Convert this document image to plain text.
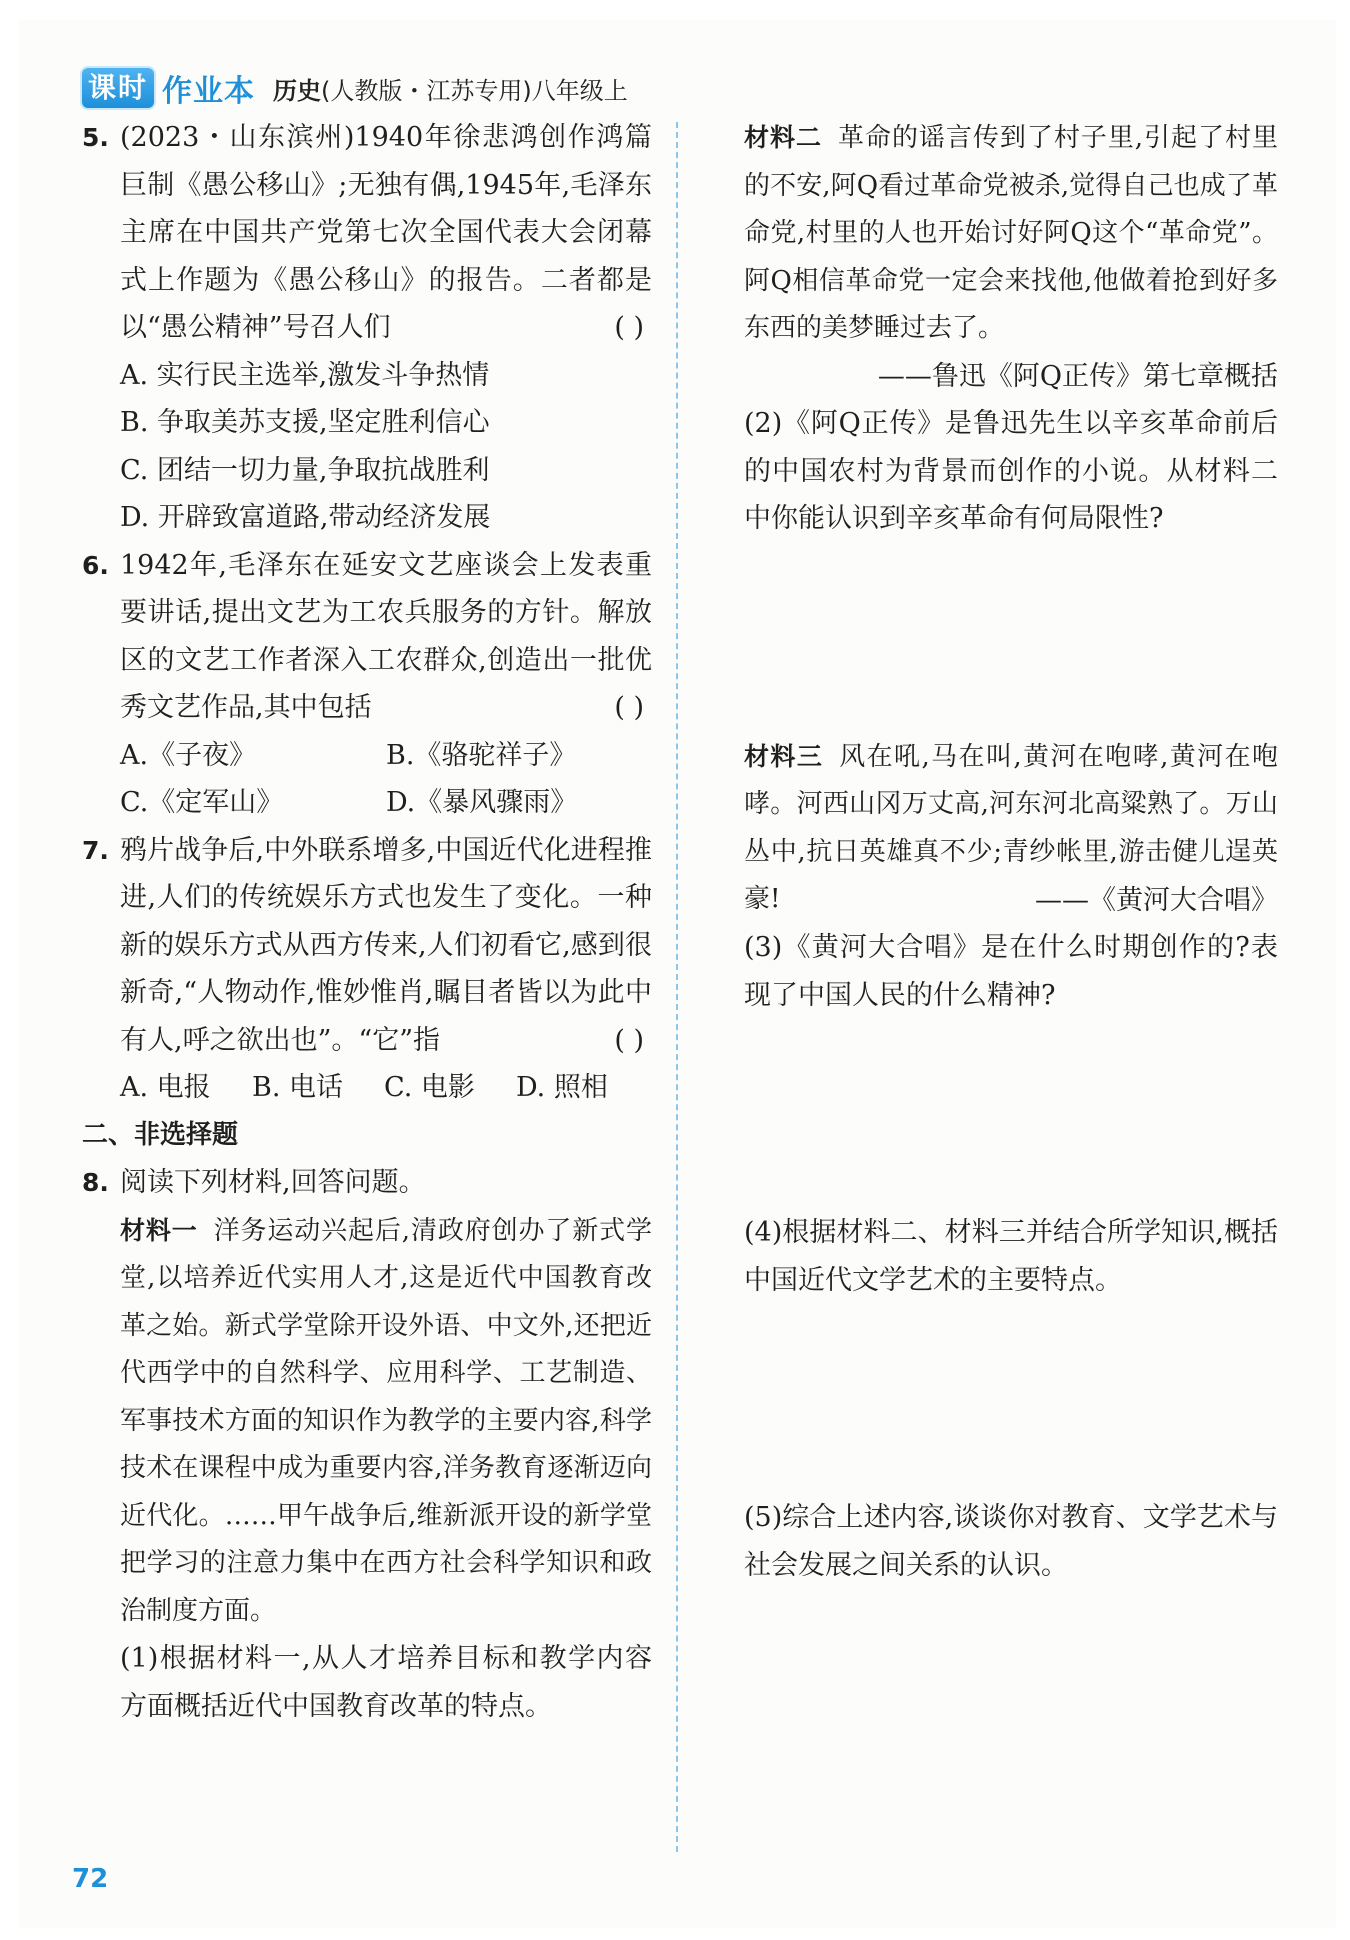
课时 作业本 历史(人教版・江苏专用)八年级上
5. (2023・山东滨州)1940年徐悲鸿创作鸿篇巨制《愚公移山》;无独有偶,1945年,毛泽东主席在中国共产党第七次全国代表大会闭幕式上作题为《愚公移山》的报告。二者都是以“愚公精神”号召人们	( )
A. 实行民主选举,激发斗争热情
B. 争取美苏支援,坚定胜利信心
C. 团结一切力量,争取抗战胜利
D. 开辟致富道路,带动经济发展
6. 1942年,毛泽东在延安文艺座谈会上发表重要讲话,提出文艺为工农兵服务的方针。解放区的文艺工作者深入工农群众,创造出一批优秀文艺作品,其中包括	( )
A.《子夜》	B.《骆驼祥子》
C.《定军山》	D.《暴风骤雨》
7. 鸦片战争后,中外联系增多,中国近代化进程推进,人们的传统娱乐方式也发生了变化。一种新的娱乐方式从西方传来,人们初看它,感到很新奇,“人物动作,惟妙惟肖,瞩目者皆以为此中有人,呼之欲出也”。“它”指	( )
A. 电报	B. 电话	C. 电影	D. 照相
二、非选择题
8. 阅读下列材料,回答问题。
材料一 洋务运动兴起后,清政府创办了新式学堂,以培养近代实用人才,这是近代中国教育改革之始。新式学堂除开设外语、中文外,还把近代西学中的自然科学、应用科学、工艺制造、军事技术方面的知识作为教学的主要内容,科学技术在课程中成为重要内容,洋务教育逐渐迈向近代化。……甲午战争后,维新派开设的新学堂把学习的注意力集中在西方社会科学知识和政治制度方面。
(1)根据材料一,从人才培养目标和教学内容方面概括近代中国教育改革的特点。
材料二 革命的谣言传到了村子里,引起了村里的不安,阿Q看过革命党被杀,觉得自己也成了革命党,村里的人也开始讨好阿Q这个“革命党”。阿Q相信革命党一定会来找他,他做着抢到好多东西的美梦睡过去了。
——鲁迅《阿Q正传》第七章概括
(2)《阿Q正传》是鲁迅先生以辛亥革命前后的中国农村为背景而创作的小说。从材料二中你能认识到辛亥革命有何局限性?
材料三 风在吼,马在叫,黄河在咆哮,黄河在咆哮。河西山冈万丈高,河东河北高粱熟了。万山丛中,抗日英雄真不少;青纱帐里,游击健儿逞英豪!	——《黄河大合唱》
(3)《黄河大合唱》是在什么时期创作的?表现了中国人民的什么精神?
(4)根据材料二、材料三并结合所学知识,概括中国近代文学艺术的主要特点。
(5)综合上述内容,谈谈你对教育、文学艺术与社会发展之间关系的认识。
72
